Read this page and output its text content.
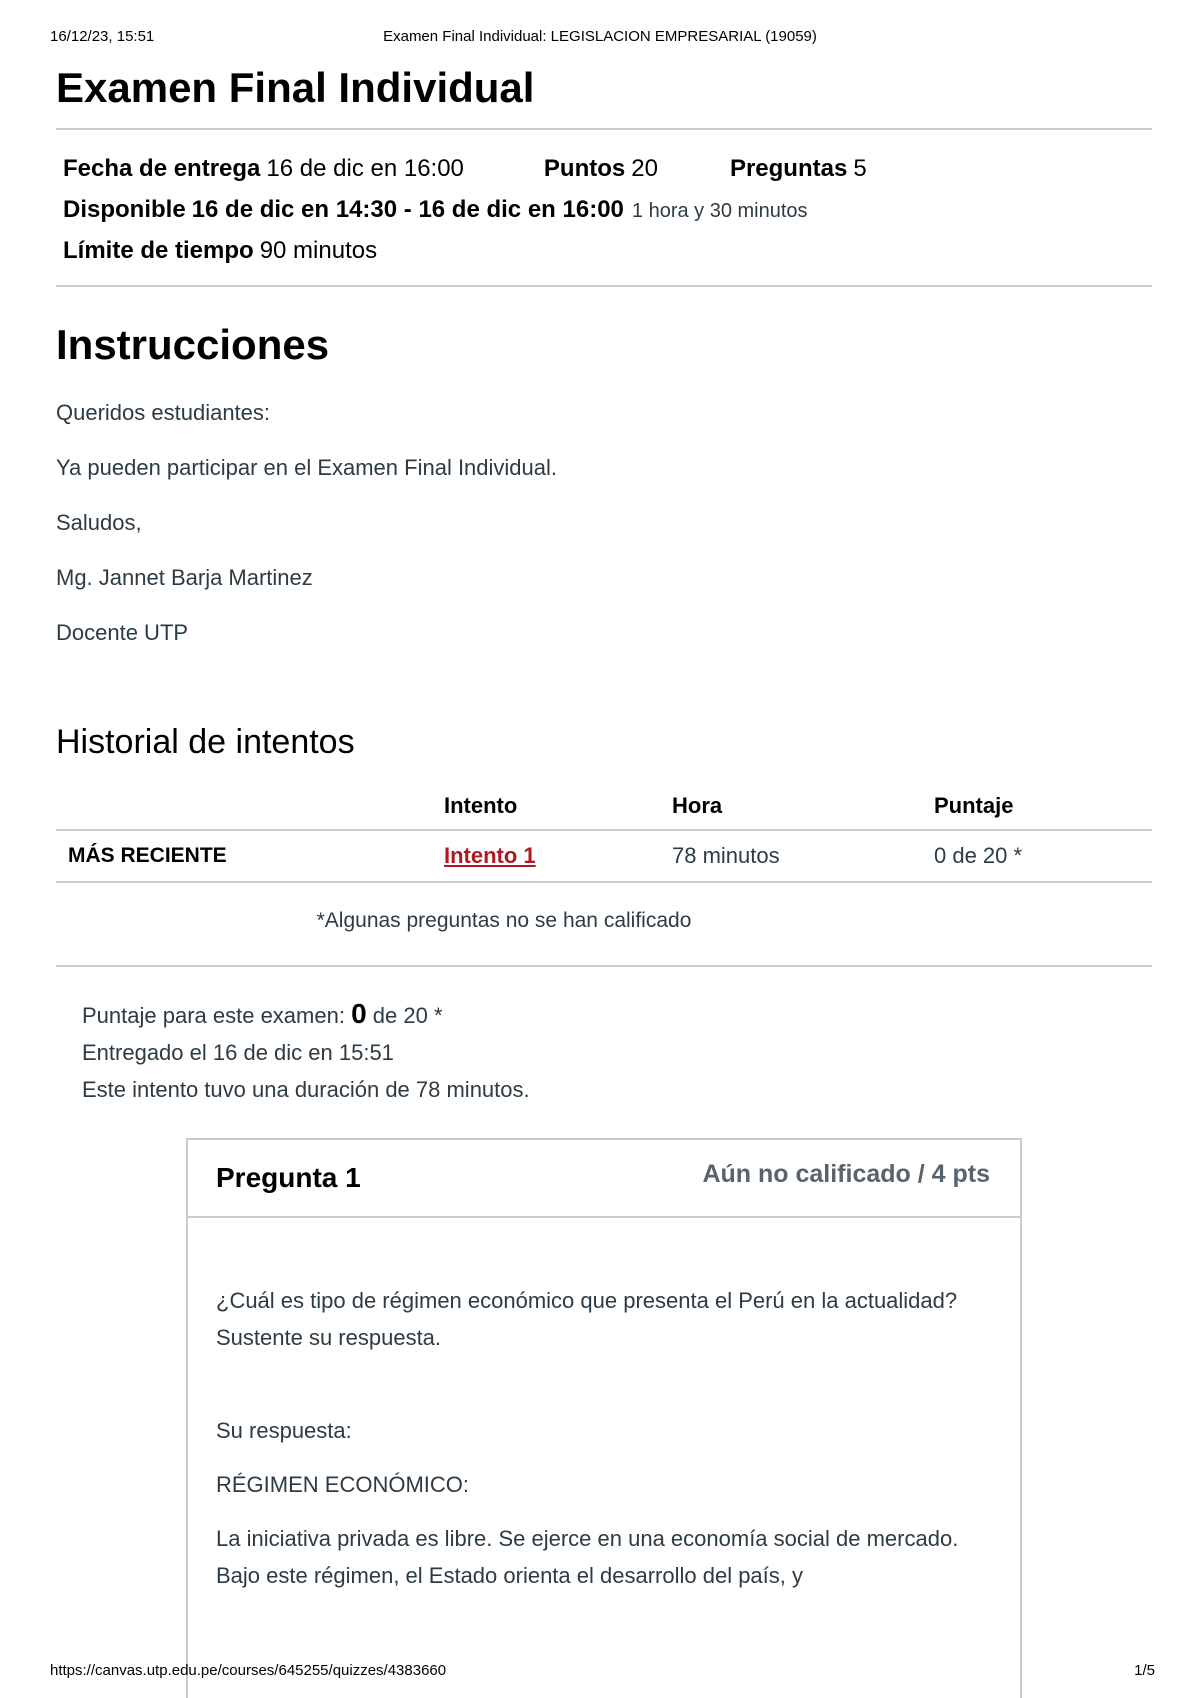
16/12/23, 15:51	Examen Final Individual: LEGISLACION EMPRESARIAL (19059)
Examen Final Individual
Fecha de entrega 16 de dic en 16:00	Puntos 20	Preguntas 5
Disponible 16 de dic en 14:30 - 16 de dic en 16:00 1 hora y 30 minutos
Límite de tiempo 90 minutos
Instrucciones

Queridos estudiantes:

Ya pueden participar en el Examen Final Individual.

Saludos,

Mg. Jannet Barja Martinez

Docente UTP

Historial de intentos
	Intento	Hora	Puntaje
MÁS RECIENTE	Intento 1	78 minutos	0 de 20 *
*Algunas preguntas no se han calificado
Puntaje para este examen: 0 de 20 *
Entregado el 16 de dic en 15:51
Este intento tuvo una duración de 78 minutos.
Pregunta 1	Aún no calificado / 4 pts

¿Cuál es tipo de régimen económico que presenta el Perú en la actualidad? Sustente su respuesta.

Su respuesta:

RÉGIMEN ECONÓMICO:

La iniciativa privada es libre. Se ejerce en una economía social de mercado. Bajo este régimen, el Estado orienta el desarrollo del país, y

https://canvas.utp.edu.pe/courses/645255/quizzes/4383660	1/5
